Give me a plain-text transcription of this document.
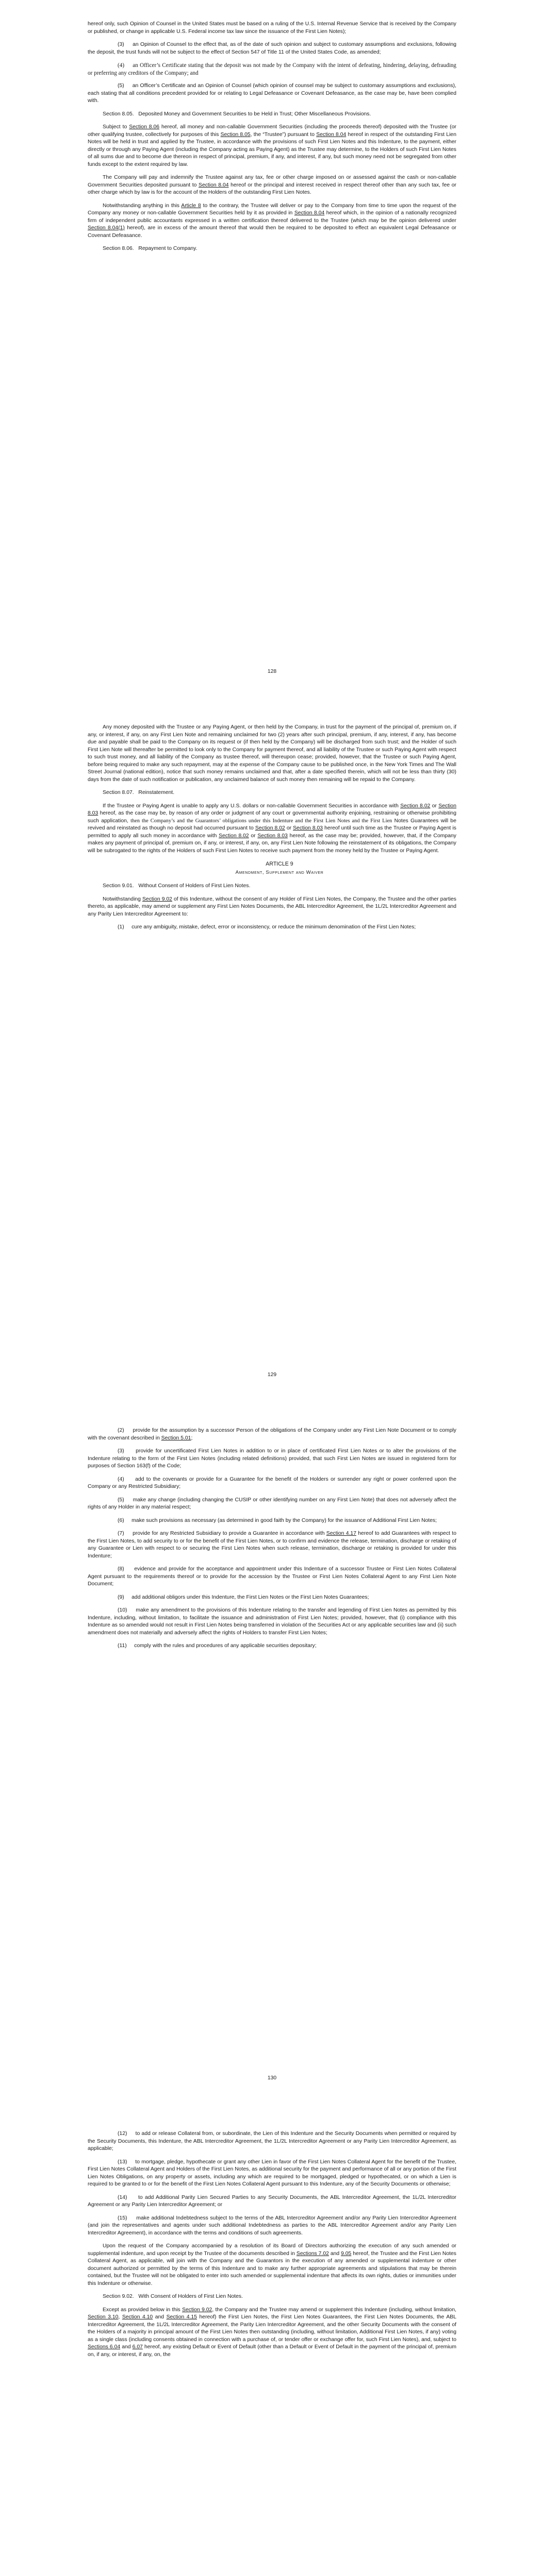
hereof only, such Opinion of Counsel in the United States must be based on a ruling of the U.S. Internal Revenue Service that is received by the Company or published, or change in applicable U.S. Federal income tax law since the issuance of the First Lien Notes);

(3)     an Opinion of Counsel to the effect that, as of the date of such opinion and subject to customary assumptions and exclusions, following the deposit, the trust funds will not be subject to the effect of Section 547 of Title 11 of the United States Code, as amended;

(4)     an Officer’s Certificate stating that the deposit was not made by the Company with the intent of defeating, hindering, delaying, defrauding or preferring any creditors of the Company; and

(5)     an Officer’s Certificate and an Opinion of Counsel (which opinion of counsel may be subject to customary assumptions and exclusions), each stating that all conditions precedent provided for or relating to Legal Defeasance or Covenant Defeasance, as the case may be, have been complied with.

Section 8.05.   Deposited Money and Government Securities to be Held in Trust; Other Miscellaneous Provisions.

Subject to Section 8.06 hereof, all money and non-callable Government Securities (including the proceeds thereof) deposited with the Trustee (or other qualifying trustee, collectively for purposes of this Section 8.05, the “Trustee”) pursuant to Section 8.04 hereof in respect of the outstanding First Lien Notes will be held in trust and applied by the Trustee, in accordance with the provisions of such First Lien Notes and this Indenture, to the payment, either directly or through any Paying Agent (including the Company acting as Paying Agent) as the Trustee may determine, to the Holders of such First Lien Notes of all sums due and to become due thereon in respect of principal, premium, if any, and interest, if any, but such money need not be segregated from other funds except to the extent required by law.

The Company will pay and indemnify the Trustee against any tax, fee or other charge imposed on or assessed against the cash or non-callable Government Securities deposited pursuant to Section 8.04 hereof or the principal and interest received in respect thereof other than any such tax, fee or other charge which by law is for the account of the Holders of the outstanding First Lien Notes.

Notwithstanding anything in this Article 8 to the contrary, the Trustee will deliver or pay to the Company from time to time upon the request of the Company any money or non-callable Government Securities held by it as provided in Section 8.04 hereof which, in the opinion of a nationally recognized firm of independent public accountants expressed in a written certification thereof delivered to the Trustee (which may be the opinion delivered under Section 8.04(1) hereof), are in excess of the amount thereof that would then be required to be deposited to effect an equivalent Legal Defeasance or Covenant Defeasance.

Section 8.06.   Repayment to Company.

128

Any money deposited with the Trustee or any Paying Agent, or then held by the Company, in trust for the payment of the principal of, premium on, if any, or interest, if any, on any First Lien Note and remaining unclaimed for two (2) years after such principal, premium, if any, interest, if any, has become due and payable shall be paid to the Company on its request or (if then held by the Company) will be discharged from such trust; and the Holder of such First Lien Note will thereafter be permitted to look only to the Company for payment thereof, and all liability of the Trustee or such Paying Agent with respect to such trust money, and all liability of the Company as trustee thereof, will thereupon cease; provided, however, that the Trustee or such Paying Agent, before being required to make any such repayment, may at the expense of the Company cause to be published once, in the New York Times and The Wall Street Journal (national edition), notice that such money remains unclaimed and that, after a date specified therein, which will not be less than thirty (30) days from the date of such notification or publication, any unclaimed balance of such money then remaining will be repaid to the Company.

Section 8.07.   Reinstatement.

If the Trustee or Paying Agent is unable to apply any U.S. dollars or non-callable Government Securities in accordance with Section 8.02 or Section 8.03 hereof, as the case may be, by reason of any order or judgment of any court or governmental authority enjoining, restraining or otherwise prohibiting such application, then the Company’s and the Guarantors’ obligations under this Indenture and the First Lien Notes and the First Lien Notes Guarantees will be revived and reinstated as though no deposit had occurred pursuant to Section 8.02 or Section 8.03 hereof until such time as the Trustee or Paying Agent is permitted to apply all such money in accordance with Section 8.02 or Section 8.03 hereof, as the case may be; provided, however, that, if the Company makes any payment of principal of, premium on, if any, or interest, if any, on, any First Lien Note following the reinstatement of its obligations, the Company will be subrogated to the rights of the Holders of such First Lien Notes to receive such payment from the money held by the Trustee or Paying Agent.

ARTICLE 9

Amendment, Supplement and Waiver

Section 9.01.   Without Consent of Holders of First Lien Notes.

Notwithstanding Section 9.02 of this Indenture, without the consent of any Holder of First Lien Notes, the Company, the Trustee and the other parties thereto, as applicable, may amend or supplement any First Lien Notes Documents, the ABL Intercreditor Agreement, the 1L/2L Intercreditor Agreement and any Parity Lien Intercreditor Agreement to:

(1)     cure any ambiguity, mistake, defect, error or inconsistency, or reduce the minimum denomination of the First Lien Notes;

129

(2)     provide for the assumption by a successor Person of the obligations of the Company under any First Lien Note Document or to comply with the covenant described in Section 5.01;

(3)     provide for uncertificated First Lien Notes in addition to or in place of certificated First Lien Notes or to alter the provisions of the Indenture relating to the form of the First Lien Notes (including related definitions) provided, that such First Lien Notes are issued in registered form for purposes of Section 163(f) of the Code;

(4)     add to the covenants or provide for a Guarantee for the benefit of the Holders or surrender any right or power conferred upon the Company or any Restricted Subsidiary;

(5)     make any change (including changing the CUSIP or other identifying number on any First Lien Note) that does not adversely affect the rights of any Holder in any material respect;

(6)     make such provisions as necessary (as determined in good faith by the Company) for the issuance of Additional First Lien Notes;

(7)     provide for any Restricted Subsidiary to provide a Guarantee in accordance with Section 4.17 hereof to add Guarantees with respect to the First Lien Notes, to add security to or for the benefit of the First Lien Notes, or to confirm and evidence the release, termination, discharge or retaking of any Guarantee or Lien with respect to or securing the First Lien Notes when such release, termination, discharge or retaking is provided for under this Indenture;

(8)     evidence and provide for the acceptance and appointment under this Indenture of a successor Trustee or First Lien Notes Collateral Agent pursuant to the requirements thereof or to provide for the accession by the Trustee or First Lien Notes Collateral Agent to any First Lien Note Document;

(9)     add additional obligors under this Indenture, the First Lien Notes or the First Lien Notes Guarantees;

(10)     make any amendment to the provisions of this Indenture relating to the transfer and legending of First Lien Notes as permitted by this Indenture, including, without limitation, to facilitate the issuance and administration of First Lien Notes; provided, however, that (i) compliance with this Indenture as so amended would not result in First Lien Notes being transferred in violation of the Securities Act or any applicable securities law and (ii) such amendment does not materially and adversely affect the rights of Holders to transfer First Lien Notes;

(11)     comply with the rules and procedures of any applicable securities depositary;

130

(12)     to add or release Collateral from, or subordinate, the Lien of this Indenture and the Security Documents when permitted or required by the Security Documents, this Indenture, the ABL Intercreditor Agreement, the 1L/2L Intercreditor Agreement or any Parity Lien Intercreditor Agreement, as applicable;

(13)     to mortgage, pledge, hypothecate or grant any other Lien in favor of the First Lien Notes Collateral Agent for the benefit of the Trustee, First Lien Notes Collateral Agent and Holders of the First Lien Notes, as additional security for the payment and performance of all or any portion of the First Lien Notes Obligations, on any property or assets, including any which are required to be mortgaged, pledged or hypothecated, or on which a Lien is required to be granted to or for the benefit of the First Lien Notes Collateral Agent pursuant to this Indenture, any of the Security Documents or otherwise;

(14)     to add Additional Parity Lien Secured Parties to any Security Documents, the ABL Intercreditor Agreement, the 1L/2L Intercreditor Agreement or any Parity Lien Intercreditor Agreement; or

(15)     make additional Indebtedness subject to the terms of the ABL Intercreditor Agreement and/or any Parity Lien Intercreditor Agreement (and join the representatives and agents under such additional Indebtedness as parties to the ABL Intercreditor Agreement and/or any Parity Lien Intercreditor Agreement), in accordance with the terms and conditions of such agreements.

Upon the request of the Company accompanied by a resolution of its Board of Directors authorizing the execution of any such amended or supplemental indenture, and upon receipt by the Trustee of the documents described in Sections 7.02 and 9.05 hereof, the Trustee and the First Lien Notes Collateral Agent, as applicable, will join with the Company and the Guarantors in the execution of any amended or supplemental indenture or other document authorized or permitted by the terms of this Indenture and to make any further appropriate agreements and stipulations that may be therein contained, but the Trustee will not be obligated to enter into such amended or supplemental indenture that affects its own rights, duties or immunities under this Indenture or otherwise.

Section 9.02.   With Consent of Holders of First Lien Notes.

Except as provided below in this Section 9.02, the Company and the Trustee may amend or supplement this Indenture (including, without limitation, Section 3.10, Section 4.10 and Section 4.15 hereof) the First Lien Notes, the First Lien Notes Guarantees, the First Lien Notes Documents, the ABL Intercreditor Agreement, the 1L/2L Intercreditor Agreement, the Parity Lien Intercreditor Agreement, and the other Security Documents with the consent of the Holders of a majority in principal amount of the First Lien Notes then outstanding (including, without limitation, Additional First Lien Notes, if any) voting as a single class (including consents obtained in connection with a purchase of, or tender offer or exchange offer for, such First Lien Notes), and, subject to Sections 6.04 and 6.07 hereof, any existing Default or Event of Default (other than a Default or Event of Default in the payment of the principal of, premium on, if any, or interest, if any, on, the
